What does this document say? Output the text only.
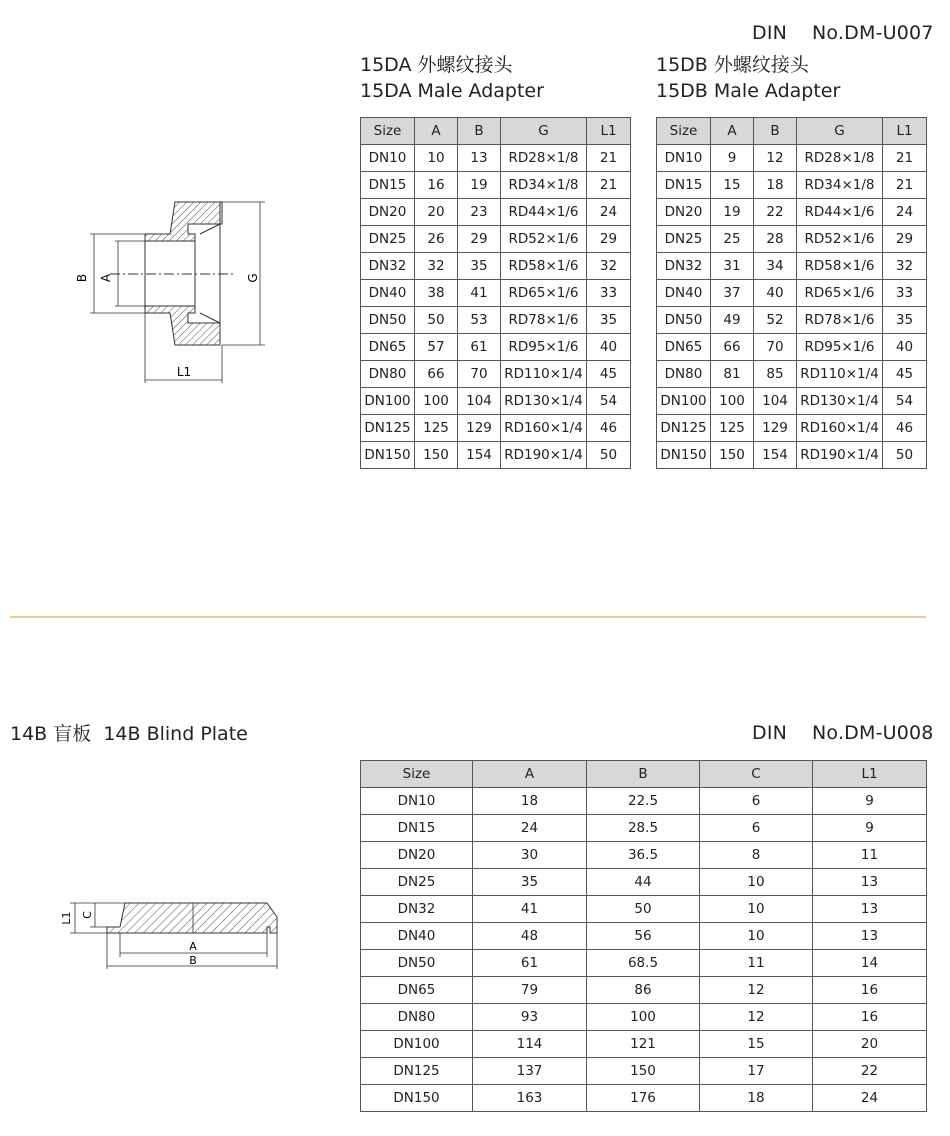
DIN    No.DM-U007
15DA 外螺纹接头
15DA Male Adapter
15DB 外螺纹接头
15DB Male Adapter
Size	A	B	G	L1
DN10	10	13	RD28×1/8	21
DN15	16	19	RD34×1/8	21
DN20	20	23	RD44×1/6	24
DN25	26	29	RD52×1/6	29
DN32	32	35	RD58×1/6	32
DN40	38	41	RD65×1/6	33
DN50	50	53	RD78×1/6	35
DN65	57	61	RD95×1/6	40
DN80	66	70	RD110×1/4	45
DN100	100	104	RD130×1/4	54
DN125	125	129	RD160×1/4	46
DN150	150	154	RD190×1/4	50
Size	A	B	G	L1
DN10	9	12	RD28×1/8	21
DN15	15	18	RD34×1/8	21
DN20	19	22	RD44×1/6	24
DN25	25	28	RD52×1/6	29
DN32	31	34	RD58×1/6	32
DN40	37	40	RD65×1/6	33
DN50	49	52	RD78×1/6	35
DN65	66	70	RD95×1/6	40
DN80	81	85	RD110×1/4	45
DN100	100	104	RD130×1/4	54
DN125	125	129	RD160×1/4	46
DN150	150	154	RD190×1/4	50
B A	G
L1
14B 盲板  14B Blind Plate	DIN    No.DM-U008
Size	A	B	C	L1
DN10	18	22.5	6	9
DN15	24	28.5	6	9
DN20	30	36.5	8	11
DN25	35	44	10	13
DN32	41	50	10	13
DN40	48	56	10	13
DN50	61	68.5	11	14
DN65	79	86	12	16
DN80	93	100	12	16
DN100	114	121	15	20
DN125	137	150	17	22
DN150	163	176	18	24
L1 C
A
B
